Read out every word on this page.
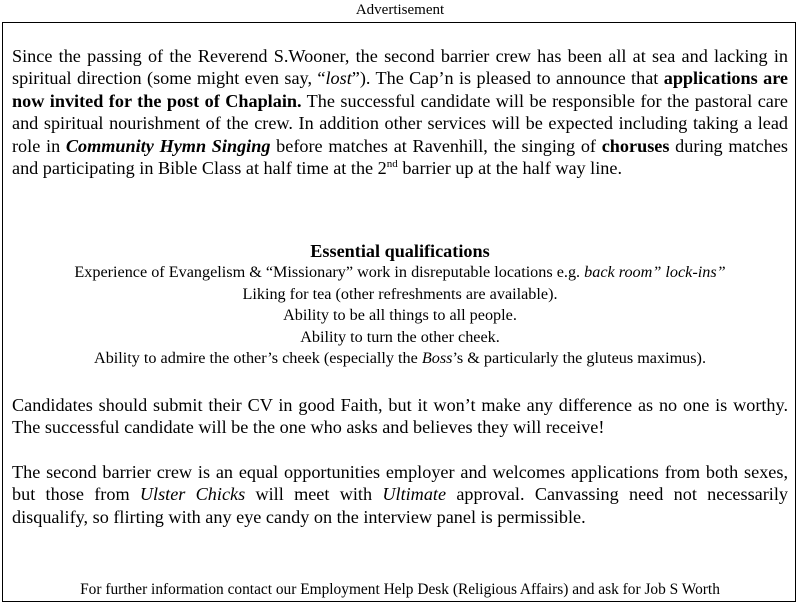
Advertisement
Since the passing of the Reverend S.Wooner, the second barrier crew has been all at sea and lacking in spiritual direction (some might even say, “lost”). The Cap’n is pleased to announce that applications are now invited for the post of Chaplain. The successful candidate will be responsible for the pastoral care and spiritual nourishment of the crew. In addition other services will be expected including taking a lead role in Community Hymn Singing before matches at Ravenhill, the singing of choruses during matches and participating in Bible Class at half time at the 2nd barrier up at the half way line.
Essential qualifications
Experience of Evangelism & “Missionary” work in disreputable locations e.g. back room” lock-ins”
Liking for tea (other refreshments are available).
Ability to be all things to all people.
Ability to turn the other cheek.
Ability to admire the other’s cheek (especially the Boss’s & particularly the gluteus maximus).
Candidates should submit their CV in good Faith, but it won’t make any difference as no one is worthy. The successful candidate will be the one who asks and believes they will receive!
The second barrier crew is an equal opportunities employer and welcomes applications from both sexes, but those from Ulster Chicks will meet with Ultimate approval. Canvassing need not necessarily disqualify, so flirting with any eye candy on the interview panel is permissible.
For further information contact our Employment Help Desk (Religious Affairs) and ask for Job S Worth
